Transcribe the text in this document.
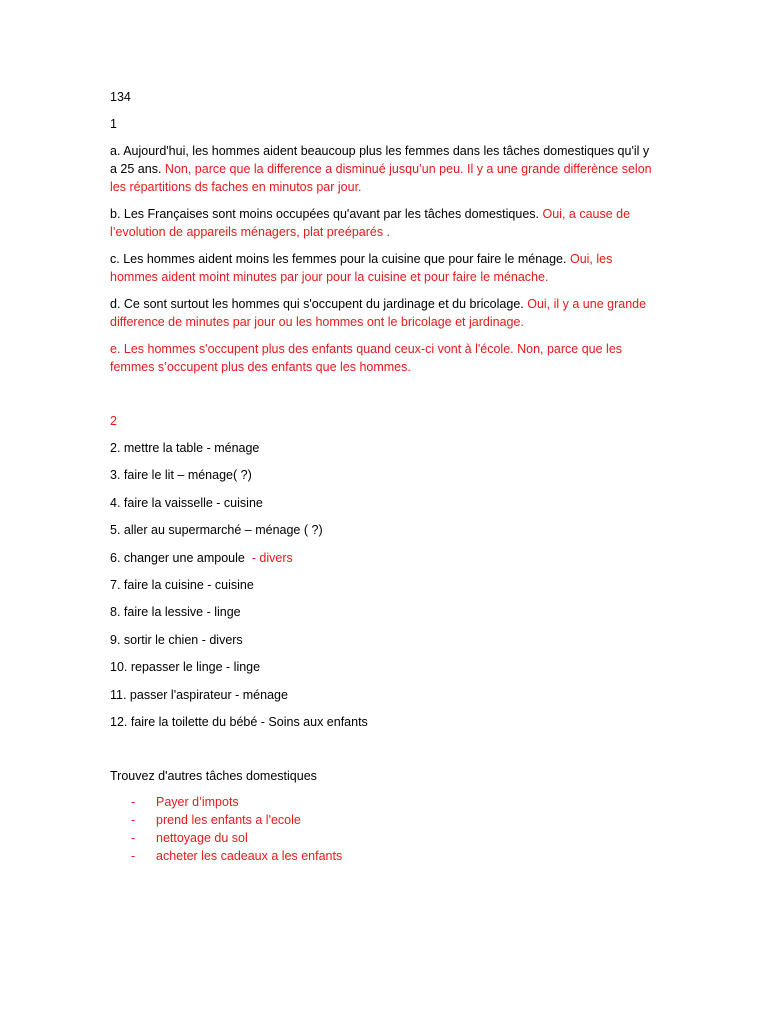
134

1

a. Aujourd'hui, les hommes aident beaucoup plus les femmes dans les tâches domestiques qu'il y a 25 ans. Non, parce que la difference a disminué jusqu’un peu. Il y a une grande differènce selon les répartitions ds faches en minutos par jour.

b. Les Françaises sont moins occupées qu'avant par les tâches domestiques. Oui, a cause de l’evolution de appareils ménagers, plat preéparés .

c. Les hommes aident moins les femmes pour la cuisine que pour faire le ménage. Oui, les hommes aident moint minutes par jour pour la cuisine et pour faire le ménache.

d. Ce sont surtout les hommes qui s'occupent du jardinage et du bricolage. Oui, il y a une grande difference de minutes par jour ou les hommes ont le bricolage et jardinage.

e. Les hommes s'occupent plus des enfants quand ceux-ci vont à l'école. Non, parce que les femmes s’occupent plus des enfants que les hommes.

2

2. mettre la table - ménage

3. faire le lit – ménage( ?)

4. faire la vaisselle - cuisine

5. aller au supermarché – ménage ( ?)

6. changer une ampoule  - divers

7. faire la cuisine - cuisine

8. faire la lessive - linge

9. sortir le chien - divers

10. repasser le linge - linge

11. passer l'aspirateur - ménage

12. faire la toilette du bébé - Soins aux enfants

Trouvez d'autres tâches domestiques

- Payer d’impots
- prend les enfants a l'ecole
- nettoyage du sol
- acheter les cadeaux a les enfants
